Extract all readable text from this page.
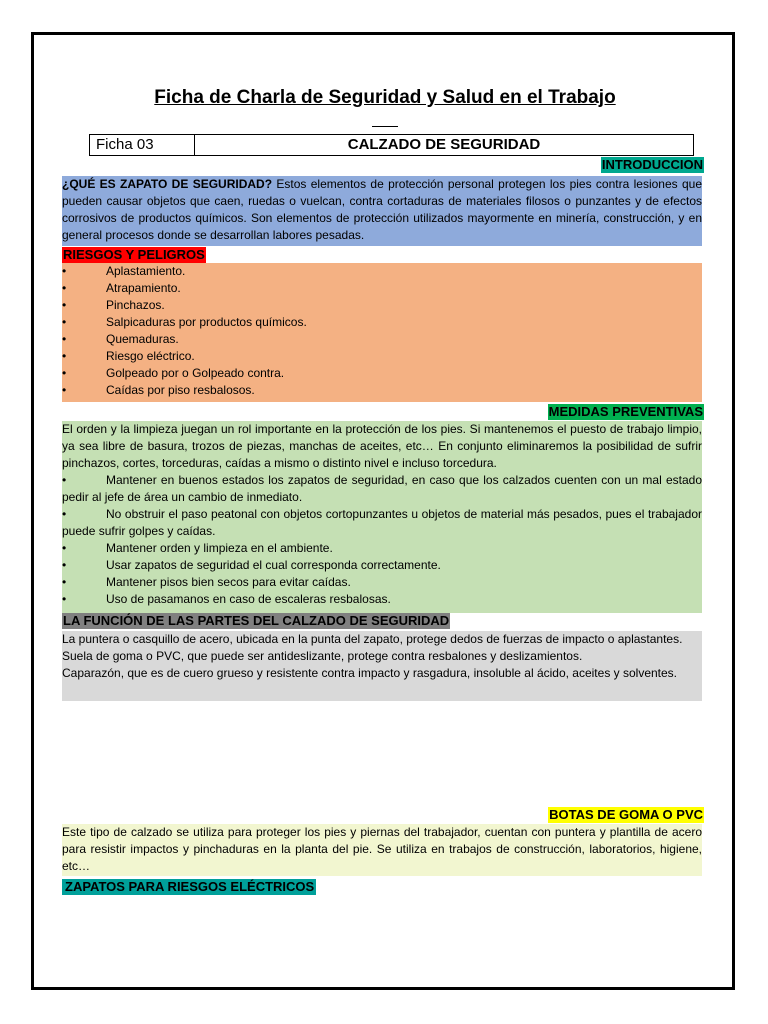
Ficha de Charla de Seguridad y Salud en el Trabajo
Ficha 03	CALZADO DE SEGURIDAD
INTRODUCCION
¿QUÉ ES ZAPATO DE SEGURIDAD? Estos elementos de protección personal protegen los pies contra lesiones que pueden causar objetos que caen, ruedas o vuelcan, contra cortaduras de materiales filosos o punzantes y de efectos corrosivos de productos químicos. Son elementos de protección utilizados mayormente en minería, construcción, y en general procesos donde se desarrollan labores pesadas.
RIESGOS Y PELIGROS
•	Aplastamiento.
•	Atrapamiento.
•	Pinchazos.
•	Salpicaduras por productos químicos.
•	Quemaduras.
•	Riesgo eléctrico.
•	Golpeado por o Golpeado contra.
•	Caídas por piso resbalosos.
MEDIDAS PREVENTIVAS
El orden y la limpieza juegan un rol importante en la protección de los pies. Si mantenemos el puesto de trabajo limpio, ya sea libre de basura, trozos de piezas, manchas de aceites, etc… En conjunto eliminaremos la posibilidad de sufrir pinchazos, cortes, torceduras, caídas a mismo o distinto nivel e incluso torcedura.
•	Mantener en buenos estados los zapatos de seguridad, en caso que los calzados cuenten con un mal estado pedir al jefe de área un cambio de inmediato.
•	No obstruir el paso peatonal con objetos cortopunzantes u objetos de material más pesados, pues el trabajador puede sufrir golpes y caídas.
•	Mantener orden y limpieza en el ambiente.
•	Usar zapatos de seguridad el cual corresponda correctamente.
•	Mantener pisos bien secos para evitar caídas.
•	Uso de pasamanos en caso de escaleras resbalosas.
LA FUNCIÓN DE LAS PARTES DEL CALZADO DE SEGURIDAD
La puntera o casquillo de acero, ubicada en la punta del zapato, protege dedos de fuerzas de impacto o aplastantes.
Suela de goma o PVC, que puede ser antideslizante, protege contra resbalones y deslizamientos.
Caparazón, que es de cuero grueso y resistente contra impacto y rasgadura, insoluble al ácido, aceites y solventes.
BOTAS DE GOMA O PVC
Este tipo de calzado se utiliza para proteger los pies y piernas del trabajador, cuentan con puntera y plantilla de acero para resistir impactos y pinchaduras en la planta del pie. Se utiliza en trabajos de construcción, laboratorios, higiene, etc…
ZAPATOS PARA RIESGOS ELÉCTRICOS
